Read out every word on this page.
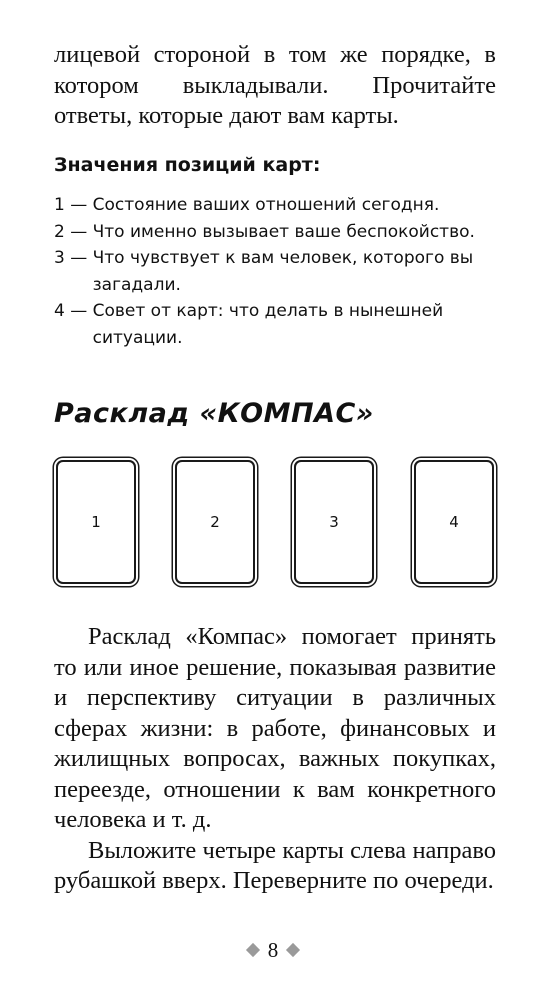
лицевой стороной в том же порядке, в котором выкладывали. Прочитайте ответы, которые дают вам карты.

Значения позиций карт:
1 — Состояние ваших отношений сегодня.
2 — Что именно вызывает ваше беспокойство.
3 — Что чувствует к вам человек, которого вы загадали.
4 — Совет от карт: что делать в нынешней ситуации.
Расклад «КОМПАС»
1	2	3	4

Расклад «Компас» помогает принять то или иное решение, показывая развитие и перспективу ситуации в различных сферах жизни: в работе, финансовых и жилищных вопросах, важных покупках, переезде, отношении к вам конкретного человека и т. д.

Выложите четыре карты слева направо рубашкой вверх. Переверните по очереди.

8
